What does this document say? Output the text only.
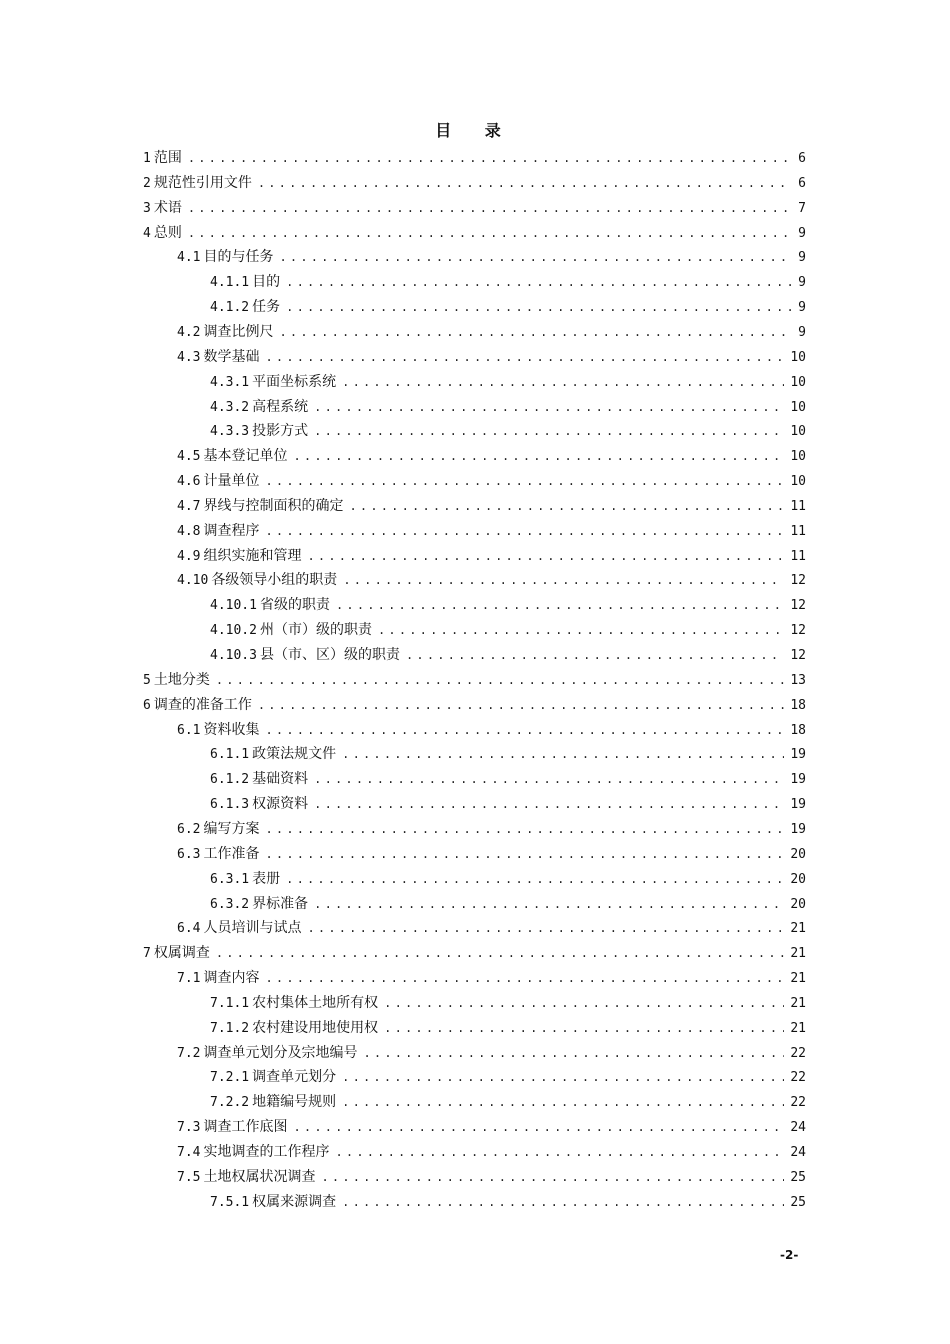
目 录
1 范围 .....	6
2 规范性引用文件 .....	6
3 术语 .....	7
4 总则 .....	9
4.1 目的与任务 .....	9
4.1.1 目的 .....	9
4.1.2 任务 .....	9
4.2 调查比例尺 .....	9
4.3 数学基础 .....	10
4.3.1 平面坐标系统 .....	10
4.3.2 高程系统 .....	10
4.3.3 投影方式 .....	10
4.5 基本登记单位 .....	10
4.6 计量单位 .....	10
4.7 界线与控制面积的确定 .....	11
4.8 调查程序 .....	11
4.9 组织实施和管理 .....	11
4.10 各级领导小组的职责 .....	12
4.10.1 省级的职责 .....	12
4.10.2 州（市）级的职责 .....	12
4.10.3 县（市、区）级的职责 .....	12
5 土地分类 .....	13
6 调查的准备工作 .....	18
6.1 资料收集 .....	18
6.1.1 政策法规文件 .....	19
6.1.2 基础资料 .....	19
6.1.3 权源资料 .....	19
6.2 编写方案 .....	19
6.3 工作准备 .....	20
6.3.1 表册 .....	20
6.3.2 界标准备 .....	20
6.4 人员培训与试点 .....	21
7 权属调查 .....	21
7.1 调查内容 .....	21
7.1.1 农村集体土地所有权 .....	21
7.1.2 农村建设用地使用权 .....	21
7.2 调查单元划分及宗地编号 .....	22
7.2.1 调查单元划分 .....	22
7.2.2 地籍编号规则 .....	22
7.3 调查工作底图 .....	24
7.4 实地调查的工作程序 .....	24
7.5 土地权属状况调查 .....	25
7.5.1 权属来源调查 .....	25
-2-
